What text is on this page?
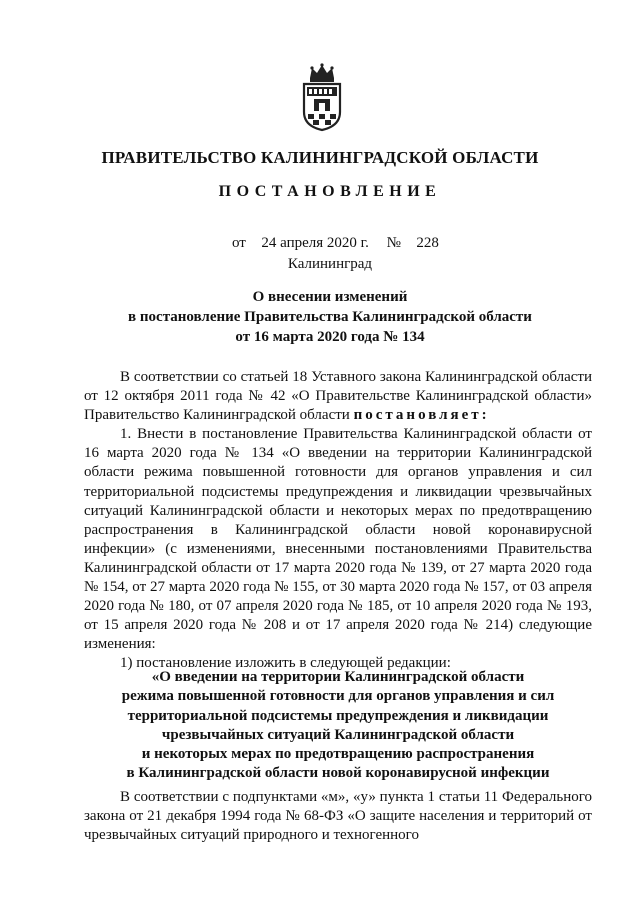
ПРАВИТЕЛЬСТВО КАЛИНИНГРАДСКОЙ ОБЛАСТИ
ПОСТАНОВЛЕНИЕ
от 24 апреля 2020 г. № 228
Калининград
О внесении изменений
в постановление Правительства Калининградской области
от 16 марта 2020 года № 134

В соответствии со статьей 18 Уставного закона Калининградской области от 12 октября 2011 года № 42 «О Правительстве Калининградской области» Правительство Калининградской области постановляет:

1. Внести в постановление Правительства Калининградской области от 16 марта 2020 года № 134 «О введении на территории Калининградской области режима повышенной готовности для органов управления и сил территориальной подсистемы предупреждения и ликвидации чрезвычайных ситуаций Калининградской области и некоторых мерах по предотвращению распространения в Калининградской области новой коронавирусной инфекции» (с изменениями, внесенными постановлениями Правительства Калининградской области от 17 марта 2020 года № 139, от 27 марта 2020 года № 154, от 27 марта 2020 года № 155, от 30 марта 2020 года № 157, от 03 апреля 2020 года № 180, от 07 апреля 2020 года № 185, от 10 апреля 2020 года № 193, от 15 апреля 2020 года № 208 и от 17 апреля 2020 года № 214) следующие изменения:

1) постановление изложить в следующей редакции:

«О введении на территории Калининградской области
режима повышенной готовности для органов управления и сил
территориальной подсистемы предупреждения и ликвидации
чрезвычайных ситуаций Калининградской области
и некоторых мерах по предотвращению распространения
в Калининградской области новой коронавирусной инфекции

В соответствии с подпунктами «м», «у» пункта 1 статьи 11 Федерального закона от 21 декабря 1994 года № 68-ФЗ «О защите населения и территорий от чрезвычайных ситуаций природного и техногенного
